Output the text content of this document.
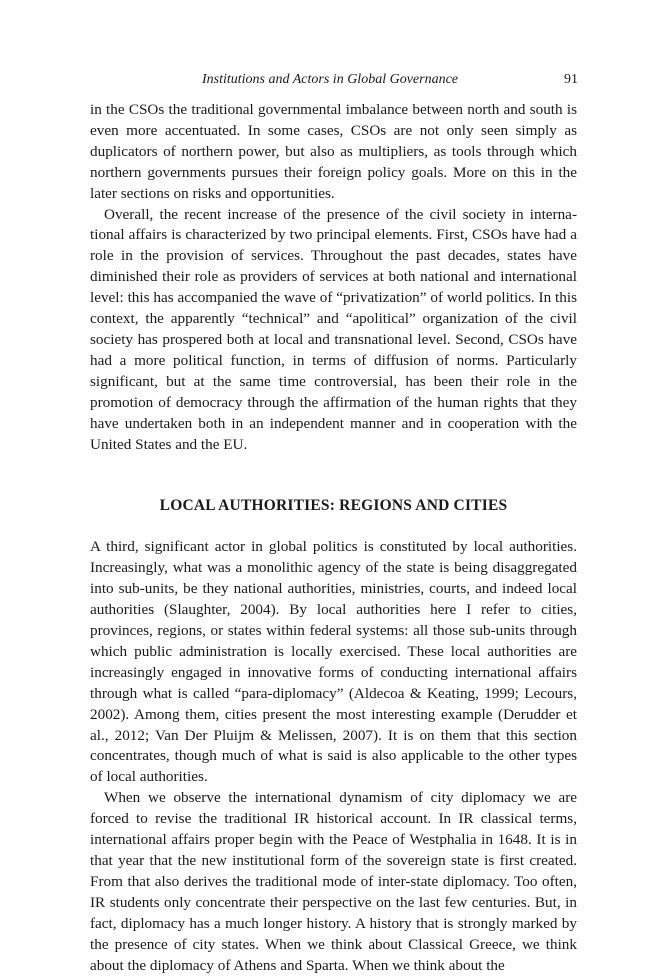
Institutions and Actors in Global Governance	91

in the CSOs the traditional governmental imbalance between north and south is even more accentuated. In some cases, CSOs are not only seen simply as duplicators of northern power, but also as multipliers, as tools through which northern governments pursues their foreign policy goals. More on this in the later sections on risks and opportunities.

Overall, the recent increase of the presence of the civil society in international affairs is characterized by two principal elements. First, CSOs have had a role in the provision of services. Throughout the past decades, states have diminished their role as providers of services at both national and international level: this has accompanied the wave of “privatization” of world politics. In this context, the apparently “technical” and “apolitical” organization of the civil society has prospered both at local and transnational level. Second, CSOs have had a more political function, in terms of diffusion of norms. Particularly significant, but at the same time controversial, has been their role in the promotion of democracy through the affirmation of the human rights that they have undertaken both in an independent manner and in cooperation with the United States and the EU.

LOCAL AUTHORITIES: REGIONS AND CITIES

A third, significant actor in global politics is constituted by local authorities. Increasingly, what was a monolithic agency of the state is being disaggregated into sub-units, be they national authorities, ministries, courts, and indeed local authorities (Slaughter, 2004). By local authorities here I refer to cities, provinces, regions, or states within federal systems: all those sub-units through which public administration is locally exercised. These local authorities are increasingly engaged in innovative forms of conducting international affairs through what is called “para-diplomacy” (Aldecoa & Keating, 1999; Lecours, 2002). Among them, cities present the most interesting example (Derudder et al., 2012; Van Der Pluijm & Melissen, 2007). It is on them that this section concentrates, though much of what is said is also applicable to the other types of local authorities.

When we observe the international dynamism of city diplomacy we are forced to revise the traditional IR historical account. In IR classical terms, international affairs proper begin with the Peace of Westphalia in 1648. It is in that year that the new institutional form of the sovereign state is first created. From that also derives the traditional mode of inter-state diplomacy. Too often, IR students only concentrate their perspective on the last few centuries. But, in fact, diplomacy has a much longer history. A history that is strongly marked by the presence of city states. When we think about Classical Greece, we think about the diplomacy of Athens and Sparta. When we think about the
